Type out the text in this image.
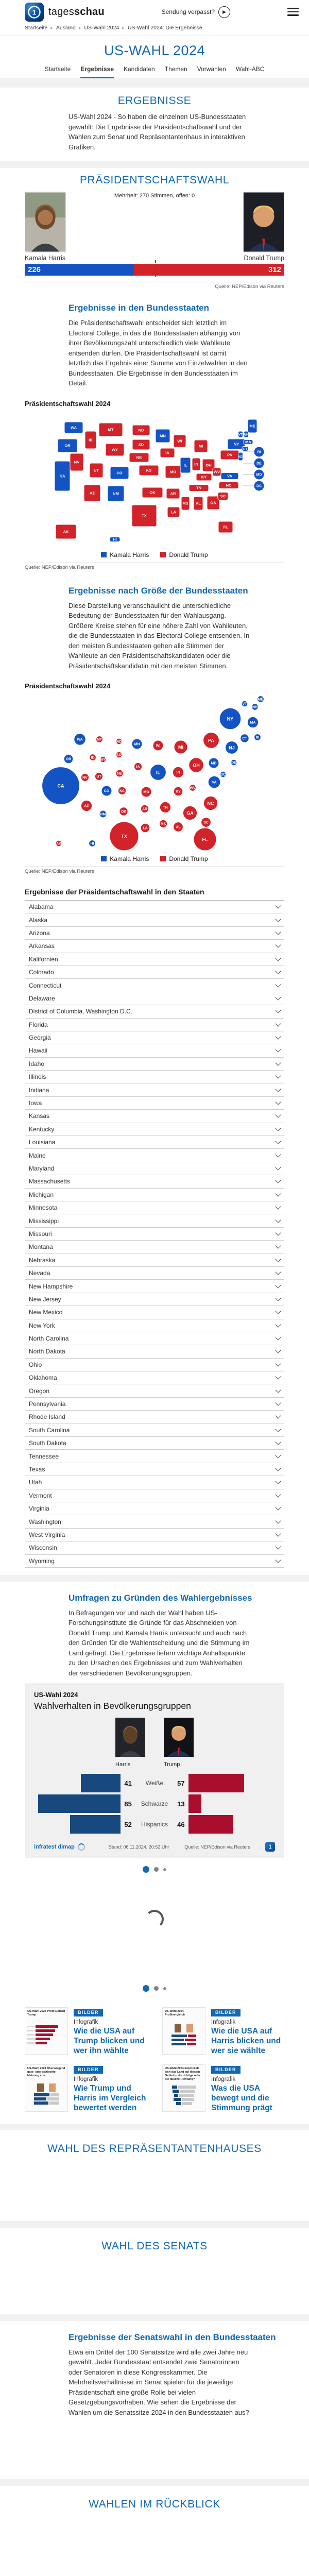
1 tagesschau	Sendung verpasst? ▶
Startseite ▸ Ausland ▸ US-Wahl 2024 ▸ US-Wahl 2024: Die Ergebnisse
US-WAHL 2024
Startseite Ergebnisse Kandidaten Themen Vorwahlen Wahl-ABC
ERGEBNISSE

US-Wahl 2024 - So haben die einzelnen US-Bundesstaaten gewählt: Die Ergebnisse der Präsidentschaftswahl und der Wahlen zum Senat und Repräsentantenhaus in interaktiven Grafiken.

PRÄSIDENTSCHAFTSWAHL
Mehrheit: 270 Stimmen, offen: 0
Kamala Harris	Donald Trump
226	312
Quelle: NEP/Edison via Reuters
Ergebnisse in den Bundesstaaten

Die Präsidentschaftswahl entscheidet sich letztlich im Electoral College, in das die Bundesstaaten abhängig von ihrer Bevölkerungszahl unterschiedlich viele Wahlleute entsenden dürfen. Die Präsidentschaftswahl ist damit letztlich das Ergebnis einer Summe von Einzelwahlen in den Bundesstaaten. Die Ergebnisse in den Bundesstaaten im Detail.

Präsidentschaftswahl 2024
WA
OR
CA
NV
ID
UT
AZ
MT
WY
CO
NM
ND
SD
NE
KS
OK
TX
MN
IA
MO
AR
LA
WI
IL
MI
IN OH
KY
TN
MS AL GA
FL
SC
NC
VA
WV
PA
NY
ME
VT NH
MA
CT
NJ
AK
HI
RI
DE
MD
DC
Kamala Harris	Donald Trump
Quelle: NEP/Edison via Reuters
Ergebnisse nach Größe der Bundesstaaten

Diese Darstellung veranschaulicht die unterschiedliche Bedeutung der Bundesstaaten für den Wahlausgang. Größere Kreise stehen für eine höhere Zahl von Wahlleuten, die die Bundesstaaten in das Electoral College entsenden. In den meisten Bundesstaaten gehen alle Stimmen der Wahlleute an den Präsidentschaftskandidaten oder die Präsidentschaftskandidatin mit den meisten Stimmen.

Präsidentschaftswahl 2024
ME
VT
NH
NY
MA
CT RI
PA
NJ
MD	DE
DC
WA	MT
ND
MN	WI	MI
OR	ID
WY
SD
IA	OH
IN
IL
NV UT
NE
CA
CO	KS	MO	KY
WV
VA
AZ
NM
OK
AR	TN
NC
SC
GA
AL
MS
LA
TX
FL
AK	HI
Kamala Harris	Donald Trump
Quelle: NEP/Edison via Reuters
Ergebnisse der Präsidentschaftswahl in den Staaten
Alabama
Alaska
Arizona
Arkansas
Kalifornien
Colorado
Connecticut
Delaware
District of Columbia, Washington D.C.
Florida
Georgia
Hawaii
Idaho
Illinois
Indiana
Iowa
Kansas
Kentucky
Louisiana
Maine
Maryland
Massachusetts
Michigan
Minnesota
Mississippi
Missouri
Montana
Nebraska
Nevada
New Hampshire
New Jersey
New Mexico
New York
North Carolina
North Dakota
Ohio
Oklahoma
Oregon
Pennsylvania
Rhode Island
South Carolina
South Dakota
Tennessee
Texas
Utah
Vermont
Virginia
Washington
West Virginia
Wisconsin
Wyoming
Umfragen zu Gründen des Wahlergebnisses

In Befragungen vor und nach der Wahl haben US-Forschungsinstitute die Gründe für das Abschneiden von Donald Trump und Kamala Harris untersucht und auch nach den Gründen für die Wahlentscheidung und die Stimmung im Land gefragt. Die Ergebnisse liefern wichtige Anhaltspunkte zu den Ursachen des Ergebnisses und zum Wahlverhalten der verschiedenen Bevölkerungsgruppen.

US-Wahl 2024
Wahlverhalten in Bevölkerungsgruppen
Harris	Trump
41	Weiße	57
85	Schwarze	13
52	Hispanics	46
infratest dimap	Stand: 06.11.2024, 20:52 Uhr	Quelle: NEP/Edison via Reuters	1
US-Wahl 2024 Profil Donald Trump	BILDER
Infografik
Wie die USA auf Trump blicken und wer ihn wählte
US-Wahl 2024 Profilvergleich	BILDER
Infografik
Wie die USA auf Harris blicken und wer sie wählte
US-Wahl 2024 Überwiegend gute- oder schlechte Meinung von...
BILDER
Infografik
Wie Trump und Harris im Vergleich bewertet werden
US-Wahl 2024 Entwickelt sich das Land auf diesem Gebiet in die richtige oder die falsche Richtung?
BILDER
Infografik
Was die USA bewegt und die Stimmung prägt
WAHL DES REPRÄSENTANTENHAUSES
WAHL DES SENATS
Ergebnisse der Senatswahl in den Bundesstaaten

Etwa ein Drittel der 100 Senatssitze wird alle zwei Jahre neu gewählt. Jeder Bundesstaat entsendet zwei Senatorinnen oder Senatoren in diese Kongresskammer. Die Mehrheitsverhältnisse im Senat spielen für die jeweilige Präsidentschaft eine große Rolle bei vielen Gesetzgebungsvorhaben. Wie sehen die Ergebnisse der Wahlen um die Senatssitze 2024 in den Bundesstaaten aus?

WAHLEN IM RÜCKBLICK
